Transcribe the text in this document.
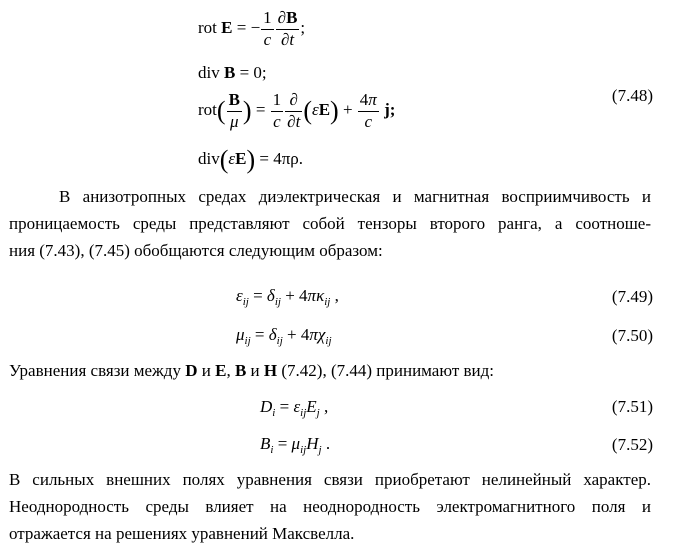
rot E = − $\frac{1}{c} \frac{\partial B}{\partial t}$ ;
div B = 0;
$rot( \frac{B}{\mu}$ ) = $\frac{1}{c} \frac{\partial}{\partial t} (\varepsilon E) + \frac{4\pi}{c} j$;
div(εE) = 4πρ.
(7.48)
В анизотропных средах диэлектрическая и магнитная восприимчивость и
проницаемость среды представляют собой тензоры второго ранга, а соотноше-
ния (7.43), (7.45) обобщаются следующим образом:
$\varepsilon_{ij} = \delta_{ij} + 4\pi\kappa_{ij}$ ,	(7.49)
$\mu_{ij} = \delta_{ij} + 4\pi\chi_{ij}$	(7.50)
Уравнения связи между D и E, B и H (7.42), (7.44) принимают вид:
$D_i = \varepsilon_{ij}E_j$ ,	(7.51)
$B_i = \mu_{ij}H_j$ .	(7.52)
В сильных внешних полях уравнения связи приобретают нелинейный характер.
Неоднородность среды влияет на неоднородность электромагнитного поля и
отражается на решениях уравнений Максвелла.
